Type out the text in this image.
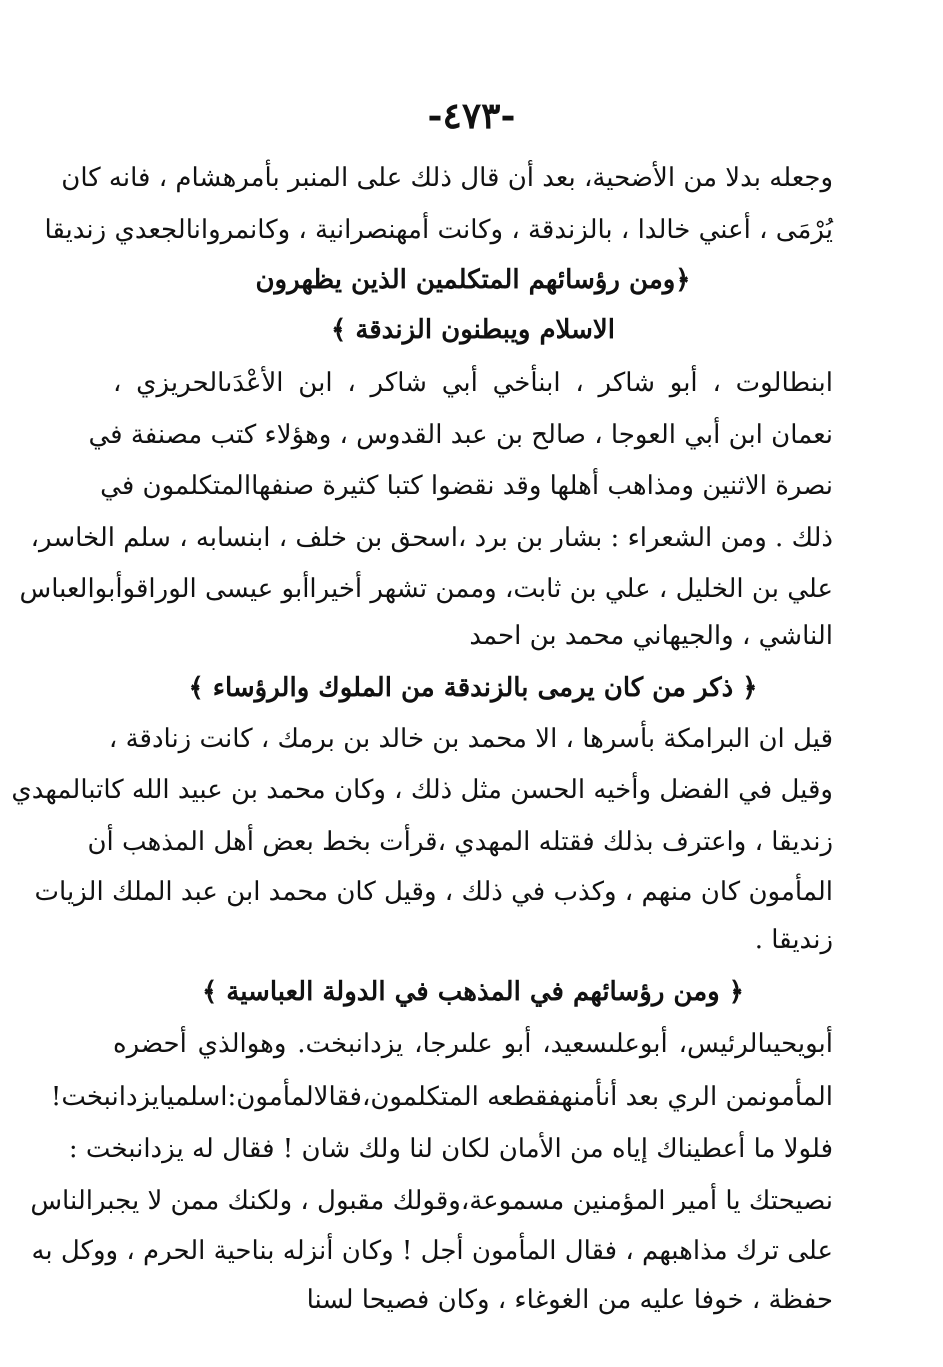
-٤٧٣-
وجعله بدلا من الأضحية، بعد أن قال ذلك على المنبر بأمرهشام ، فانه كان
يُرْمَى ، أعني خالدا ، بالزندقة ، وكانت أمهنصرانية ، وكانمروانالجعدي زنديقا
﴿ومن رؤسائهم المتكلمين الذين يظهرون
الاسلام ويبطنون الزندقة ﴾
ابنطالوت ، أبو شاكر ، ابنأخي أبي شاكر ، ابن الأعْدَىالحريزي ،
نعمان ابن أبي العوجا ، صالح بن عبد القدوس ، وهؤلاء كتب مصنفة في
نصرة الاثنين ومذاهب أهلها وقد نقضوا كتبا كثيرة صنفهاالمتكلمون في
ذلك . ومن الشعراء : بشار بن برد ،اسحق بن خلف ، ابنسابه ، سلم الخاسر،
علي بن الخليل ، علي بن ثابت، وممن تشهر أخيراأبو عيسى الوراقوأبوالعباس
الناشي ، والجيهاني محمد بن احمد
﴿ ذكر من كان يرمى بالزندقة من الملوك والرؤساء ﴾
قيل ان البرامكة بأسرها ، الا محمد بن خالد بن برمك ، كانت زنادقة ،
وقيل في الفضل وأخيه الحسن مثل ذلك ، وكان محمد بن عبيد الله كاتبالمهدي
زنديقا ، واعترف بذلك فقتله المهدي ،قرأت بخط بعض أهل المذهب أن
المأمون كان منهم ، وكذب في ذلك ، وقيل كان محمد ابن عبد الملك الزيات
زنديقا .
﴿ ومن رؤسائهم في المذهب في الدولة العباسية ﴾
أبويحيىالرئيس، أبوعلىسعيد، أبو علىرجا، يزدانبخت. وهوالذي أحضره
المأمونمن الري بعد أنأمنهفقطعه المتكلمون،فقالالمأمون:اسلميايزدانبخت!
فلولا ما أعطيناك إياه من الأمان لكان لنا ولك شان ! فقال له يزدانبخت :
نصيحتك يا أمير المؤمنين مسموعة،وقولك مقبول ، ولكنك ممن لا يجبرالناس
على ترك مذاهبهم ، فقال المأمون أجل ! وكان أنزله بناحية الحرم ، ووكل به
حفظة ، خوفا عليه من الغوغاء ، وكان فصيحا لسنا
